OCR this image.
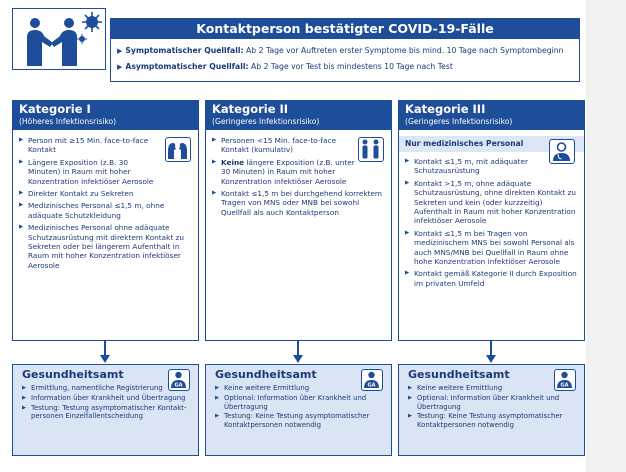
Kontaktperson bestätigter COVID-19-Fälle
▶ Symptomatischer Quellfall: Ab 2 Tage vor Auftreten erster Symptome bis mind. 10 Tage nach Symptombeginn
▶ Asymptomatischer Quellfall: Ab 2 Tage vor Test bis mindestens 10 Tage nach Test
Kategorie I
(Höheres Infektionsrisiko)
▶ Person mit ≥15 Min. face-to-face Kontakt
▶ Längere Exposition (z.B. 30 Minuten) in Raum mit hoher Konzentration infektiöser Aerosole
▶ Direkter Kontakt zu Sekreten
▶ Medizinisches Personal ≤1,5 m, ohne adäquate Schutzkleidung
▶ Medizinisches Personal ohne adäquate Schutzausrüstung mit direktem Kontakt zu Sekreten oder bei längerem Aufenthalt in Raum mit hoher Konzentration infektiöser Aerosole
Kategorie II
(Geringeres Infektionsrisiko)
▶ Personen <15 Min. face-to-face Kontakt (kumulativ)
▶ Keine längere Exposition (z.B. unter 30 Minuten) in Raum mit hoher Konzentration infektiöser Aerosole
▶ Kontakt ≤1,5 m bei durchgehend korrektem Tragen von MNS oder MNB bei sowohl Quellfall als auch Kontaktperson
Kategorie III
(Geringeres Infektionsrisiko)
Nur medizinisches Personal
▶ Kontakt ≤1,5 m, mit adäquater Schutzausrüstung
▶ Kontakt >1,5 m, ohne adäquate Schutzausrüstung, ohne direkten Kontakt zu Sekreten und kein (oder kurzzeitig) Aufenthalt in Raum mit hoher Konzentration infektiöser Aerosole
▶ Kontakt ≤1,5 m bei Tragen von medizinischem MNS bei sowohl Personal als auch MNS/MNB bei Quellfall in Raum ohne hohe Konzentration infektiöser Aerosole
▶ Kontakt gemäß Kategorie II durch Exposition im privaten Umfeld
Gesundheitsamt
GA
▶ Ermittlung, namentliche Registrierung
▶ Information über Krankheit und Übertragung
▶ Testung: Testung asymptomatischer Kontakt-personen Einzelfallentscheidung
Gesundheitsamt
GA
▶ Keine weitere Ermittlung
▶ Optional: Information über Krankheit und Übertragung
▶ Testung: Keine Testung asymptomatischer Kontaktpersonen notwendig
Gesundheitsamt
GA
▶ Keine weitere Ermittlung
▶ Optional: Information über Krankheit und Übertragung
▶ Testung: Keine Testung asymptomatischer Kontaktpersonen notwendig
